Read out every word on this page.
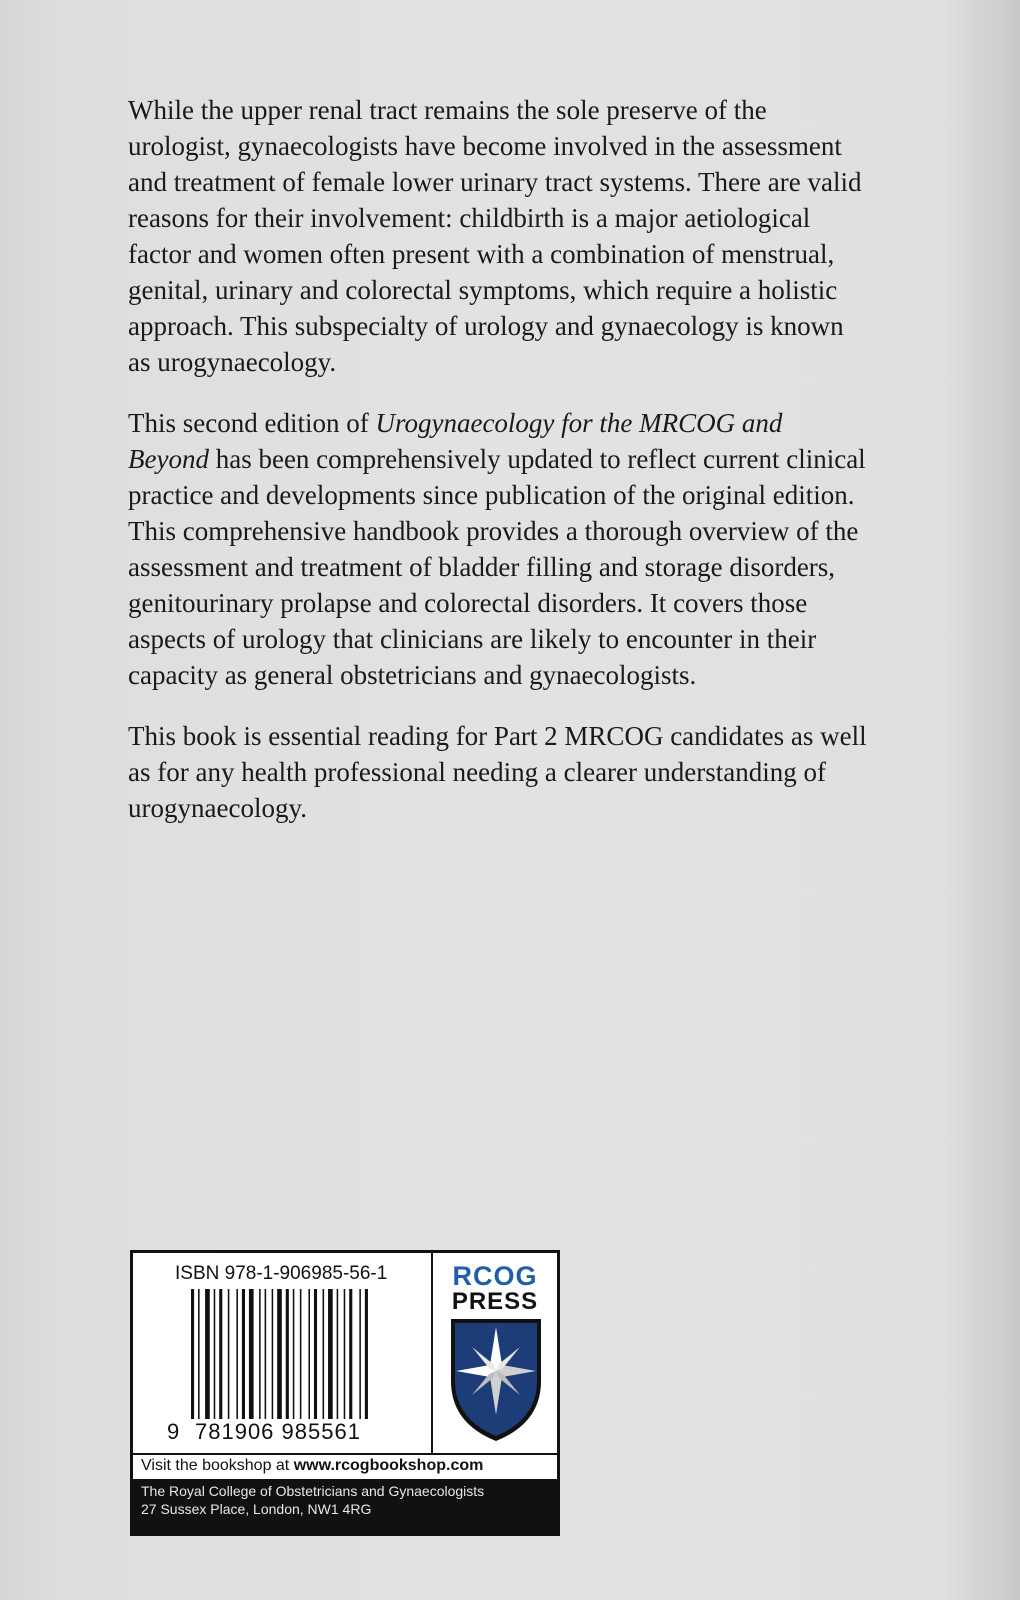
While the upper renal tract remains the sole preserve of the urologist, gynaecologists have become involved in the assessment and treatment of female lower urinary tract systems. There are valid reasons for their involvement: childbirth is a major aetiological factor and women often present with a combination of menstrual, genital, urinary and colorectal symptoms, which require a holistic approach. This subspecialty of urology and gynaecology is known as urogynaecology.

This second edition of Urogynaecology for the MRCOG and Beyond has been comprehensively updated to reflect current clinical practice and developments since publication of the original edition. This comprehensive handbook provides a thorough overview of the assessment and treatment of bladder filling and storage disorders, genitourinary prolapse and colorectal disorders. It covers those aspects of urology that clinicians are likely to encounter in their capacity as general obstetricians and gynaecologists.

This book is essential reading for Part 2 MRCOG candidates as well as for any health professional needing a clearer understanding of urogynaecology.

ISBN 978-1-906985-56-1
9 781906 985561
RCOG
PRESS
Visit the bookshop at www.rcogbookshop.com
The Royal College of Obstetricians and Gynaecologists
27 Sussex Place, London, NW1 4RG
